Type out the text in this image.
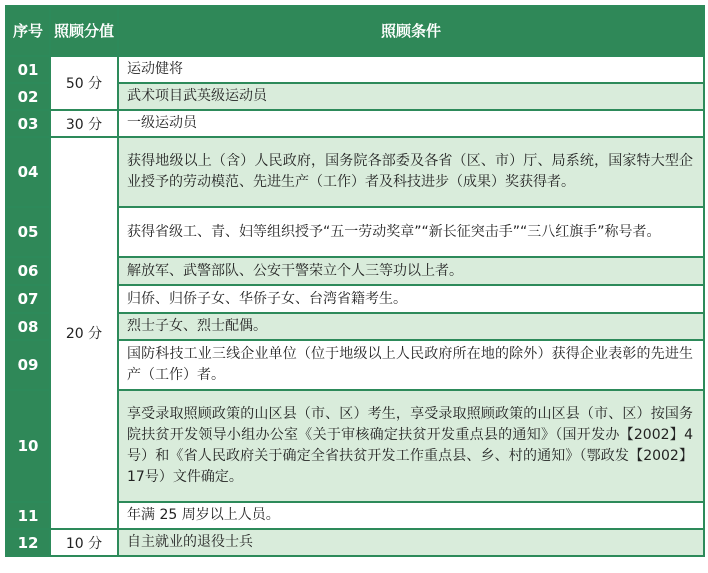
序号	照顾分值	照顾条件
01	50 分	运动健将
02		武术项目武英级运动员
03	30 分	一级运动员
04	20 分	获得地级以上（含）人民政府，国务院各部委及各省（区、市）厅、局系统，国家特大型企业授予的劳动模范、先进生产（工作）者及科技进步（成果）奖获得者。
05		获得省级工、青、妇等组织授予“五一劳动奖章”“新长征突击手”“三八红旗手”称号者。
06		解放军、武警部队、公安干警荣立个人三等功以上者。
07		归侨、归侨子女、华侨子女、台湾省籍考生。
08		烈士子女、烈士配偶。
09		国防科技工业三线企业单位（位于地级以上人民政府所在地的除外）获得企业表彰的先进生产（工作）者。
10		享受录取照顾政策的山区县（市、区）考生，享受录取照顾政策的山区县（市、区）按国务院扶贫开发领导小组办公室《关于审核确定扶贫开发重点县的通知》（国开发办【2002】4号）和《省人民政府关于确定全省扶贫开发工作重点县、乡、村的通知》（鄂政发【2002】17号）文件确定。
11		年满 25 周岁以上人员。
12	10 分	自主就业的退役士兵
